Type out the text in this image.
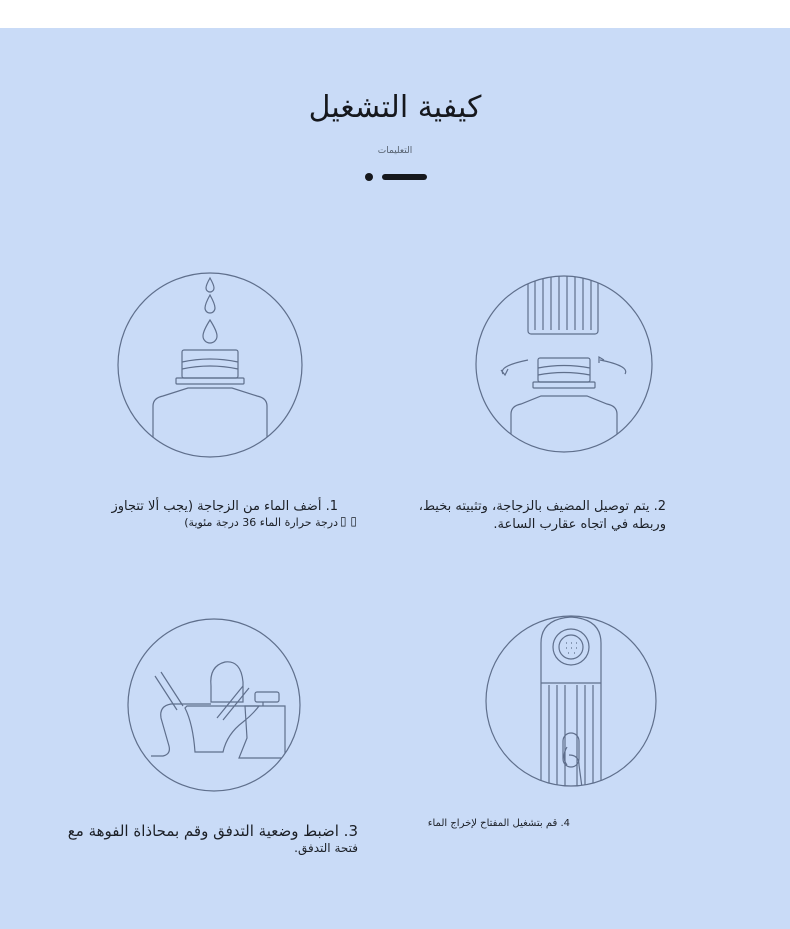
كيفية التشغيل
التعليمات
1. أضف الماء من الزجاجة (يجب ألا تتجاوز
درجة حرارة الماء 36 درجة مئوية) ▯ ▯
2. يتم توصيل المضيف بالزجاجة، وتثبيته بخيط،
وربطه في اتجاه عقارب الساعة.
3. اضبط وضعية التدفق وقم بمحاذاة الفوهة مع
فتحة التدفق.
4. قم بتشغيل المفتاح لإخراج الماء
